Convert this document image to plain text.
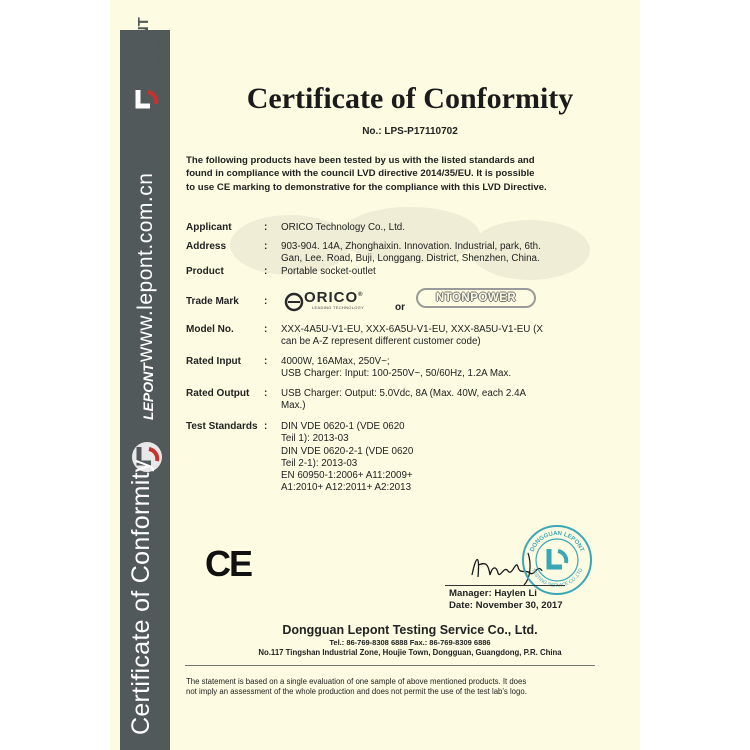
LEPONT 力邦检测
www.lepont.com.cn
LEPONT
Certificate of Conformity
Certificate of Conformity
No.: LPS-P17110702
The following products have been tested by us with the listed standards and
found in compliance with the council LVD directive 2014/35/EU. It is possible
to use CE marking to demonstrative for the compliance with this LVD Directive.
Applicant	: ORICO Technology Co., Ltd.
Address	: 903-904. 14A, Zhonghaixin. Innovation. Industrial, park, 6th.
Gan, Lee. Road, Buji, Longgang. District, Shenzhen, China.
Product	: Portable socket-outlet
Trade Mark	: ORICO®
LEADING TECHNOLOGY	or
NTONPOWER
Model No.	: XXX-4A5U-V1-EU, XXX-6A5U-V1-EU, XXX-8A5U-V1-EU (X
can be A-Z represent different customer code)
Rated Input : 4000W, 16AMax, 250V~;
USB Charger: Input: 100-250V~, 50/60Hz, 1.2A Max.
Rated Output : USB Charger: Output: 5.0Vdc, 8A (Max. 40W, each 2.4A
Max.)
Test Standards : DIN VDE 0620-1 (VDE 0620
Teil 1): 2013-03
DIN VDE 0620-2-1 (VDE 0620
Teil 2-1): 2013-03
EN 60950-1:2006+ A11:2009+
A1:2010+ A12:2011+ A2:2013
CE	DONGGUAN LEPONT
TESTING SERVICE CO.,LTD
Manager: Haylen Li
Date: November 30, 2017
Dongguan Lepont Testing Service Co., Ltd.
Tel.: 86-769-8308 6888 Fax.: 86-769-8309 6886
No.117 Tingshan Industrial Zone, Houjie Town, Dongguan, Guangdong, P.R. China
The statement is based on a single evaluation of one sample of above mentioned products. It does
not imply an assessment of the whole production and does not permit the use of the test lab's logo.
